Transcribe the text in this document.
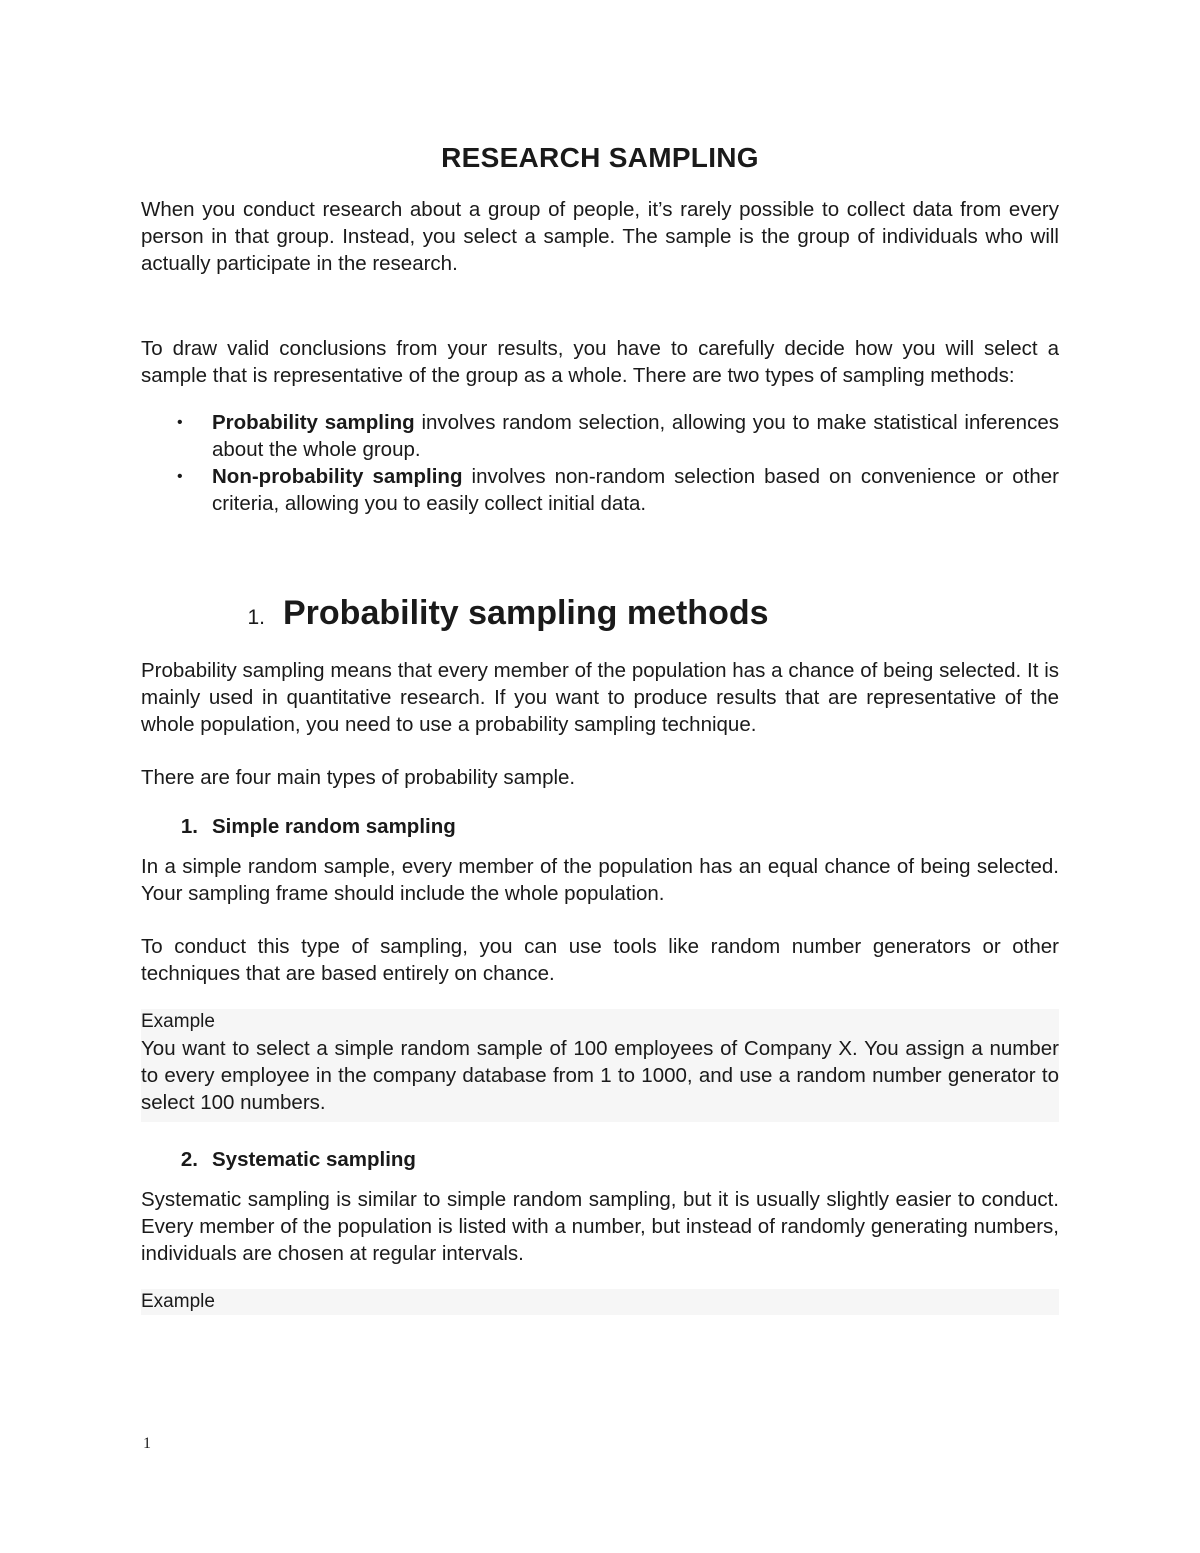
RESEARCH SAMPLING

When you conduct research about a group of people, it’s rarely possible to collect data from every person in that group. Instead, you select a sample. The sample is the group of individuals who will actually participate in the research.

To draw valid conclusions from your results, you have to carefully decide how you will select a sample that is representative of the group as a whole. There are two types of sampling methods:

• Probability sampling involves random selection, allowing you to make statistical inferences about the whole group.
• Non-probability sampling involves non-random selection based on convenience or other criteria, allowing you to easily collect initial data.
1. Probability sampling methods

Probability sampling means that every member of the population has a chance of being selected. It is mainly used in quantitative research. If you want to produce results that are representative of the whole population, you need to use a probability sampling technique.

There are four main types of probability sample.

1. Simple random sampling

In a simple random sample, every member of the population has an equal chance of being selected. Your sampling frame should include the whole population.

To conduct this type of sampling, you can use tools like random number generators or other techniques that are based entirely on chance.

Example
You want to select a simple random sample of 100 employees of Company X. You assign a number to every employee in the company database from 1 to 1000, and use a random number generator to select 100 numbers.
2. Systematic sampling

Systematic sampling is similar to simple random sampling, but it is usually slightly easier to conduct. Every member of the population is listed with a number, but instead of randomly generating numbers, individuals are chosen at regular intervals.

Example
1
